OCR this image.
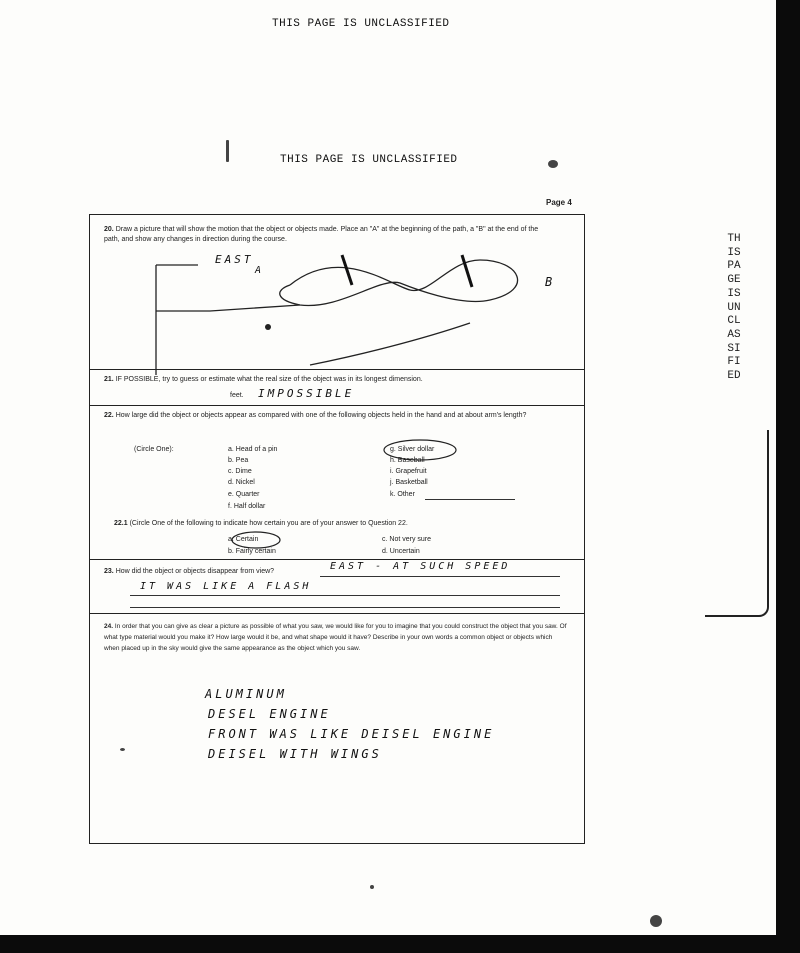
THIS PAGE IS UNCLASSIFIED
THIS PAGE IS UNCLASSIFIED
THIS PAGE IS UNCLASSIFIED
Page 4
20. Draw a picture that will show the motion that the object or objects made. Place an "A" at the beginning of the path, a "B" at the end of the path, and show any changes in direction during the course.
EAST
A
B
21. IF POSSIBLE, try to guess or estimate what the real size of the object was in its longest dimension.
feet. IMPOSSIBLE
22. How large did the object or objects appear as compared with one of the following objects held in the hand and at about arm's length?
(Circle One):	a. Head of a pin
b. Pea
c. Dime
d. Nickel
e. Quarter
f. Half dollar
g. Silver dollar
h. Baseball
i. Grapefruit
j. Basketball
k. Other
22.1 (Circle One of the following to indicate how certain you are of your answer to Question 22.
a. Certain
b. Fairly certain
c. Not very sure
d. Uncertain
23. How did the object or objects disappear from view?	EAST - AT SUCH SPEED
IT WAS LIKE A FLASH
24. In order that you can give as clear a picture as possible of what you saw, we would like for you to imagine that you could construct the object that you saw. Of what type material would you make it? How large would it be, and what shape would it have? Describe in your own words a common object or objects which when placed up in the sky would give the same appearance as the object which you saw.
ALUMINUM
DESEL ENGINE
FRONT WAS LIKE DEISEL ENGINE
DEISEL WITH WINGS
